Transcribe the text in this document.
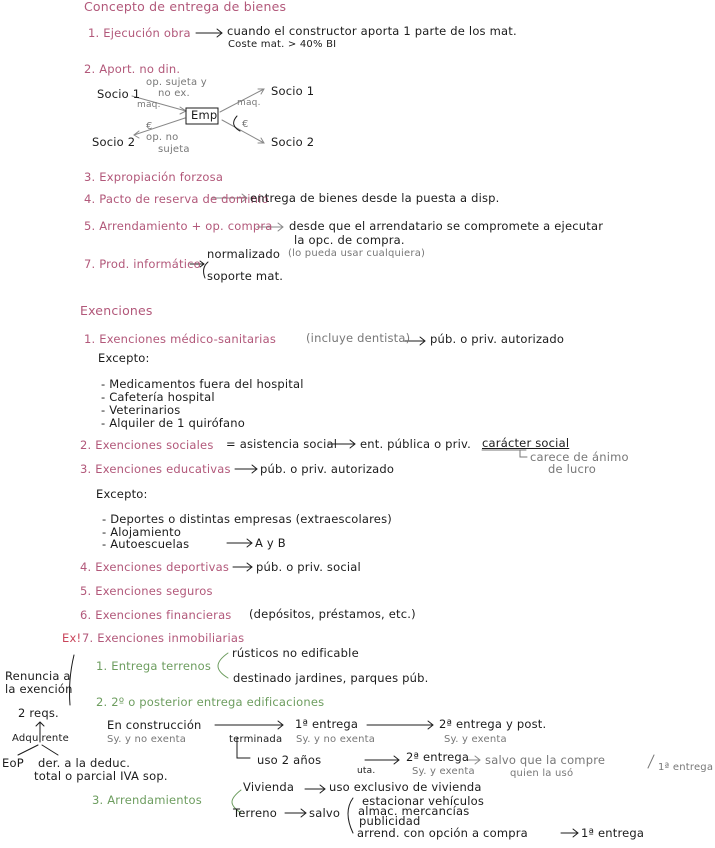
Concepto de entrega de bienes
1. Ejecución obra	cuando el constructor aporta 1 parte de los mat.
Coste mat. > 40% BI
2. Aport. no din.
Socio 1
Socio 2
Socio 1
Socio 2
Emp
op. sujeta y
no ex.
maq.	maq.
€	€
op. no
sujeta
3. Expropiación forzosa
4. Pacto de reserva de dominio
entrega de bienes desde la puesta a disp.
5. Arrendamiento + op. compra desde que el arrendatario se compromete a ejecutar
la opc. de compra.
7. Prod. informático
normalizado (lo pueda usar cualquiera)
soporte mat.
Exenciones
1. Exenciones médico-sanitarias	(incluye dentista) púb. o priv. autorizado
Excepto:
- Medicamentos fuera del hospital
- Cafetería hospital
- Veterinarios
- Alquiler de 1 quirófano
2. Exenciones sociales = asistencia social ent. pública o priv. carácter social
carece de ánimo
de lucro
3. Exenciones educativas	púb. o priv. autorizado
Excepto:
- Deportes o distintas empresas (extraescolares)
- Alojamiento
- Autoescuelas	A y B
4. Exenciones deportivas púb. o priv. social
5. Exenciones seguros
6. Exenciones financieras (depósitos, préstamos, etc.)
Ex! 7. Exenciones inmobiliarias
Renuncia a
la exención
2 reqs.
Adquirente
EoP der. a la deduc.
total o parcial IVA sop.
1. Entrega terrenos
rústicos no edificable
destinado jardines, parques púb.
2. 2º o posterior entrega edificaciones
En construcción	1ª entrega	2ª entrega y post.
Sy. y no exenta	terminada Sy. y no exenta	Sy. y exenta
uso 2 años	2ª entrega
uta.	Sy. y exenta
salvo que la compre
quien la usó
1ª entrega
3. Arrendamientos
Vivienda	uso exclusivo de vivienda
Terreno	salvo
estacionar vehículos
almac. mercancías
publicidad
arrend. con opción a compra	1ª entrega
